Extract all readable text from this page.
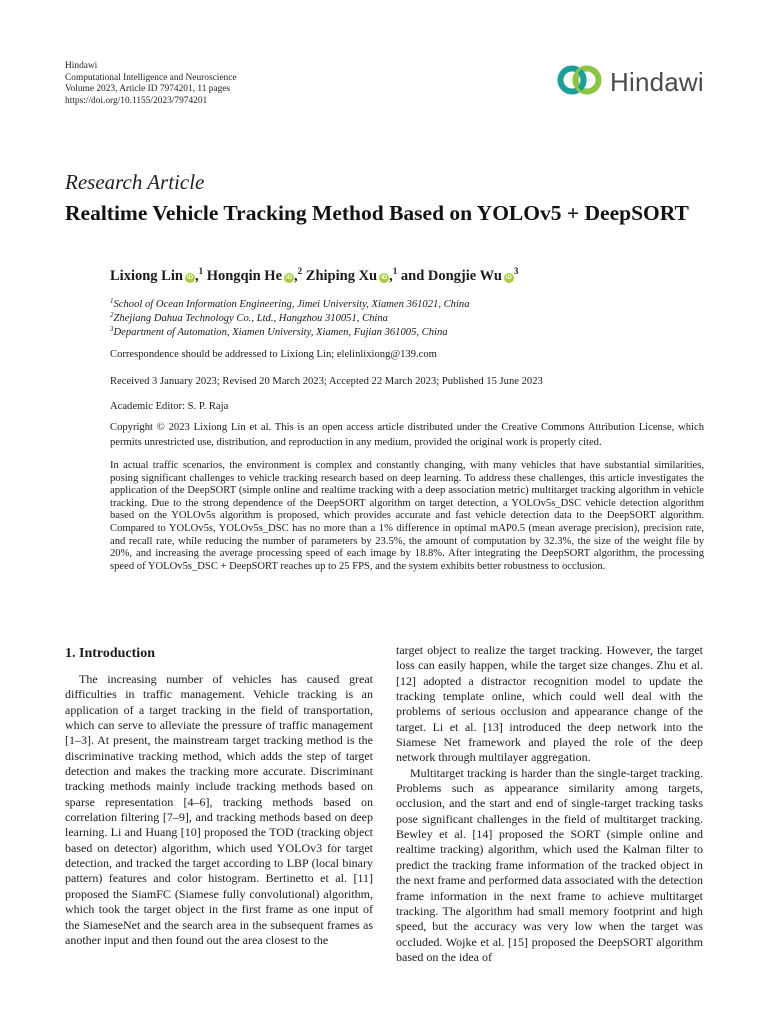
Hindawi
Computational Intelligence and Neuroscience
Volume 2023, Article ID 7974201, 11 pages
https://doi.org/10.1155/2023/7974201
Hindawi
Research Article
Realtime Vehicle Tracking Method Based on YOLOv5 + DeepSORT
Lixiong Lin iD ,$^1$ Hongqin He iD ,$^2$ Zhiping Xu iD ,$^1$ and Dongjie Wu $iD^3$
$^1$School of Ocean Information Engineering, Jimei University, Xiamen 361021, China
$^2$Zhejiang Dahua Technology Co., Ltd., Hangzhou 310051, China
$^3$Department of Automation, Xiamen University, Xiamen, Fujian 361005, China
Correspondence should be addressed to Lixiong Lin; elelinlixiong@139.com
Received 3 January 2023; Revised 20 March 2023; Accepted 22 March 2023; Published 15 June 2023
Academic Editor: S. P. Raja
Copyright © 2023 Lixiong Lin et al. This is an open access article distributed under the Creative Commons Attribution License, which permits unrestricted use, distribution, and reproduction in any medium, provided the original work is properly cited.

In actual traffic scenarios, the environment is complex and constantly changing, with many vehicles that have substantial similarities, posing significant challenges to vehicle tracking research based on deep learning. To address these challenges, this article investigates the application of the DeepSORT (simple online and realtime tracking with a deep association metric) multitarget tracking algorithm in vehicle tracking. Due to the strong dependence of the DeepSORT algorithm on target detection, a YOLOv5s_DSC vehicle detection algorithm based on the YOLOv5s algorithm is proposed, which provides accurate and fast vehicle detection data to the DeepSORT algorithm. Compared to YOLOv5s, YOLOv5s_DSC has no more than a 1% difference in optimal mAP0.5 (mean average precision), precision rate, and recall rate, while reducing the number of parameters by 23.5%, the amount of computation by 32.3%, the size of the weight file by 20%, and increasing the average processing speed of each image by 18.8%. After integrating the DeepSORT algorithm, the processing speed of YOLOv5s_DSC + DeepSORT reaches up to 25 FPS, and the system exhibits better robustness to occlusion.

1. Introduction

The increasing number of vehicles has caused great difficulties in traffic management. Vehicle tracking is an application of a target tracking in the field of transportation, which can serve to alleviate the pressure of traffic management [1–3]. At present, the mainstream target tracking method is the discriminative tracking method, which adds the step of target detection and makes the tracking more accurate. Discriminant tracking methods mainly include tracking methods based on sparse representation [4–6], tracking methods based on correlation filtering [7–9], and tracking methods based on deep learning. Li and Huang [10] proposed the TOD (tracking object based on detector) algorithm, which used YOLOv3 for target detection, and tracked the target according to LBP (local binary pattern) features and color histogram. Bertinetto et al. [11] proposed the SiamFC (Siamese fully convolutional) algorithm, which took the target object in the first frame as one input of the SiameseNet and the search area in the subsequent frames as another input and then found out the area closest to the

target object to realize the target tracking. However, the target loss can easily happen, while the target size changes. Zhu et al. [12] adopted a distractor recognition model to update the tracking template online, which could well deal with the problems of serious occlusion and appearance change of the target. Li et al. [13] introduced the deep network into the Siamese Net framework and played the role of the deep network through multilayer aggregation.

Multitarget tracking is harder than the single-target tracking. Problems such as appearance similarity among targets, occlusion, and the start and end of single-target tracking tasks pose significant challenges in the field of multitarget tracking. Bewley et al. [14] proposed the SORT (simple online and realtime tracking) algorithm, which used the Kalman filter to predict the tracking frame information of the tracked object in the next frame and performed data associated with the detection frame information in the next frame to achieve multitarget tracking. The algorithm had small memory footprint and high speed, but the accuracy was very low when the target was occluded. Wojke et al. [15] proposed the DeepSORT algorithm based on the idea of
